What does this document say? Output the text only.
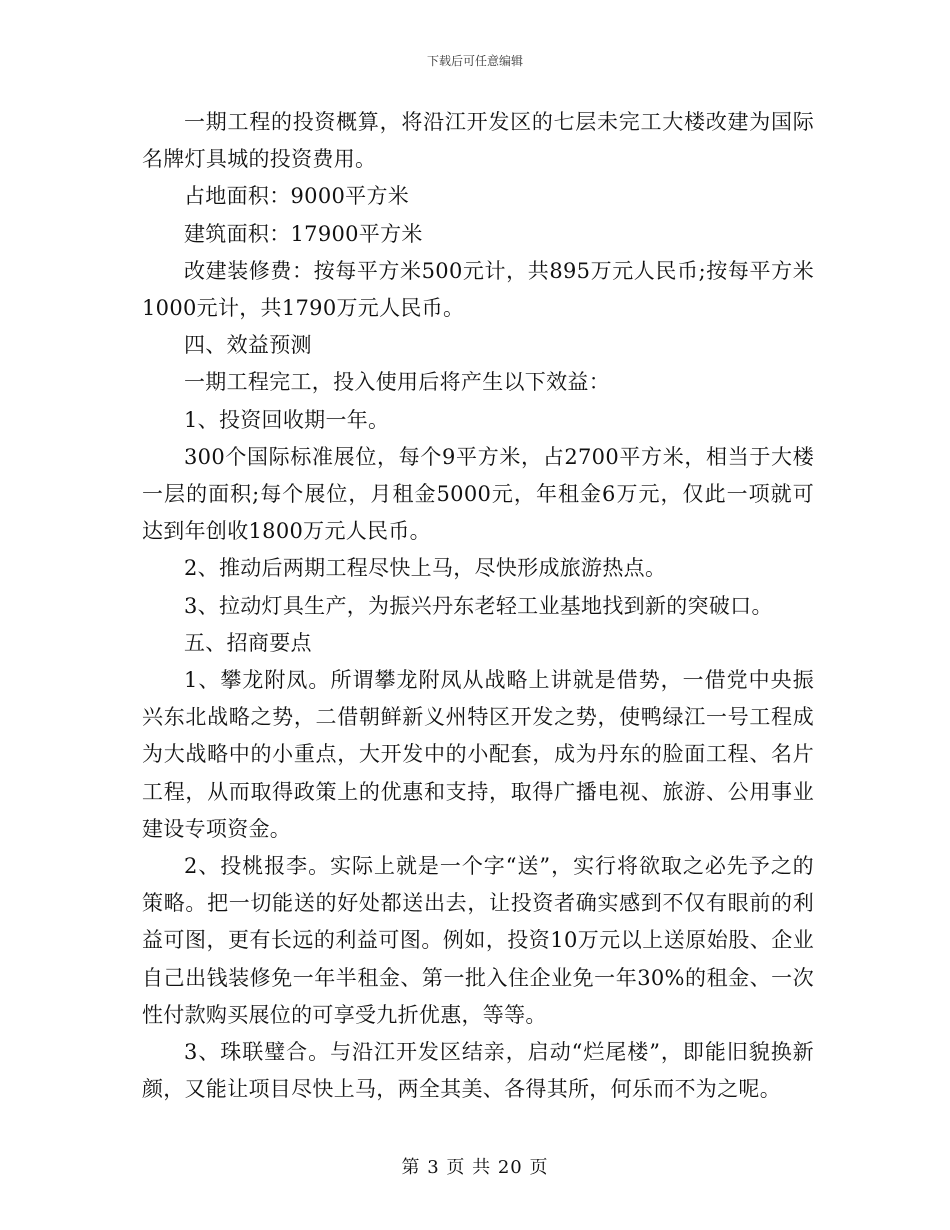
下载后可任意编辑

一期工程的投资概算，将沿江开发区的七层未完工大楼改建为国际名牌灯具城的投资费用。

占地面积：9000平方米

建筑面积：17900平方米

改建装修费：按每平方米500元计，共895万元人民币;按每平方米1000元计，共1790万元人民币。

四、效益预测

一期工程完工，投入使用后将产生以下效益：

1、投资回收期一年。

300个国际标准展位，每个9平方米，占2700平方米，相当于大楼一层的面积;每个展位，月租金5000元，年租金6万元，仅此一项就可达到年创收1800万元人民币。

2、推动后两期工程尽快上马，尽快形成旅游热点。

3、拉动灯具生产，为振兴丹东老轻工业基地找到新的突破口。

五、招商要点

1、攀龙附凤。所谓攀龙附凤从战略上讲就是借势，一借党中央振兴东北战略之势，二借朝鲜新义州特区开发之势，使鸭绿江一号工程成为大战略中的小重点，大开发中的小配套，成为丹东的脸面工程、名片工程，从而取得政策上的优惠和支持，取得广播电视、旅游、公用事业建设专项资金。

2、投桃报李。实际上就是一个字“送”，实行将欲取之必先予之的策略。把一切能送的好处都送出去，让投资者确实感到不仅有眼前的利益可图，更有长远的利益可图。例如，投资10万元以上送原始股、企业自己出钱装修免一年半租金、第一批入住企业免一年30%的租金、一次性付款购买展位的可享受九折优惠，等等。

3、珠联璧合。与沿江开发区结亲，启动“烂尾楼”，即能旧貌换新颜，又能让项目尽快上马，两全其美、各得其所，何乐而不为之呢。

第 3 页 共 20 页
